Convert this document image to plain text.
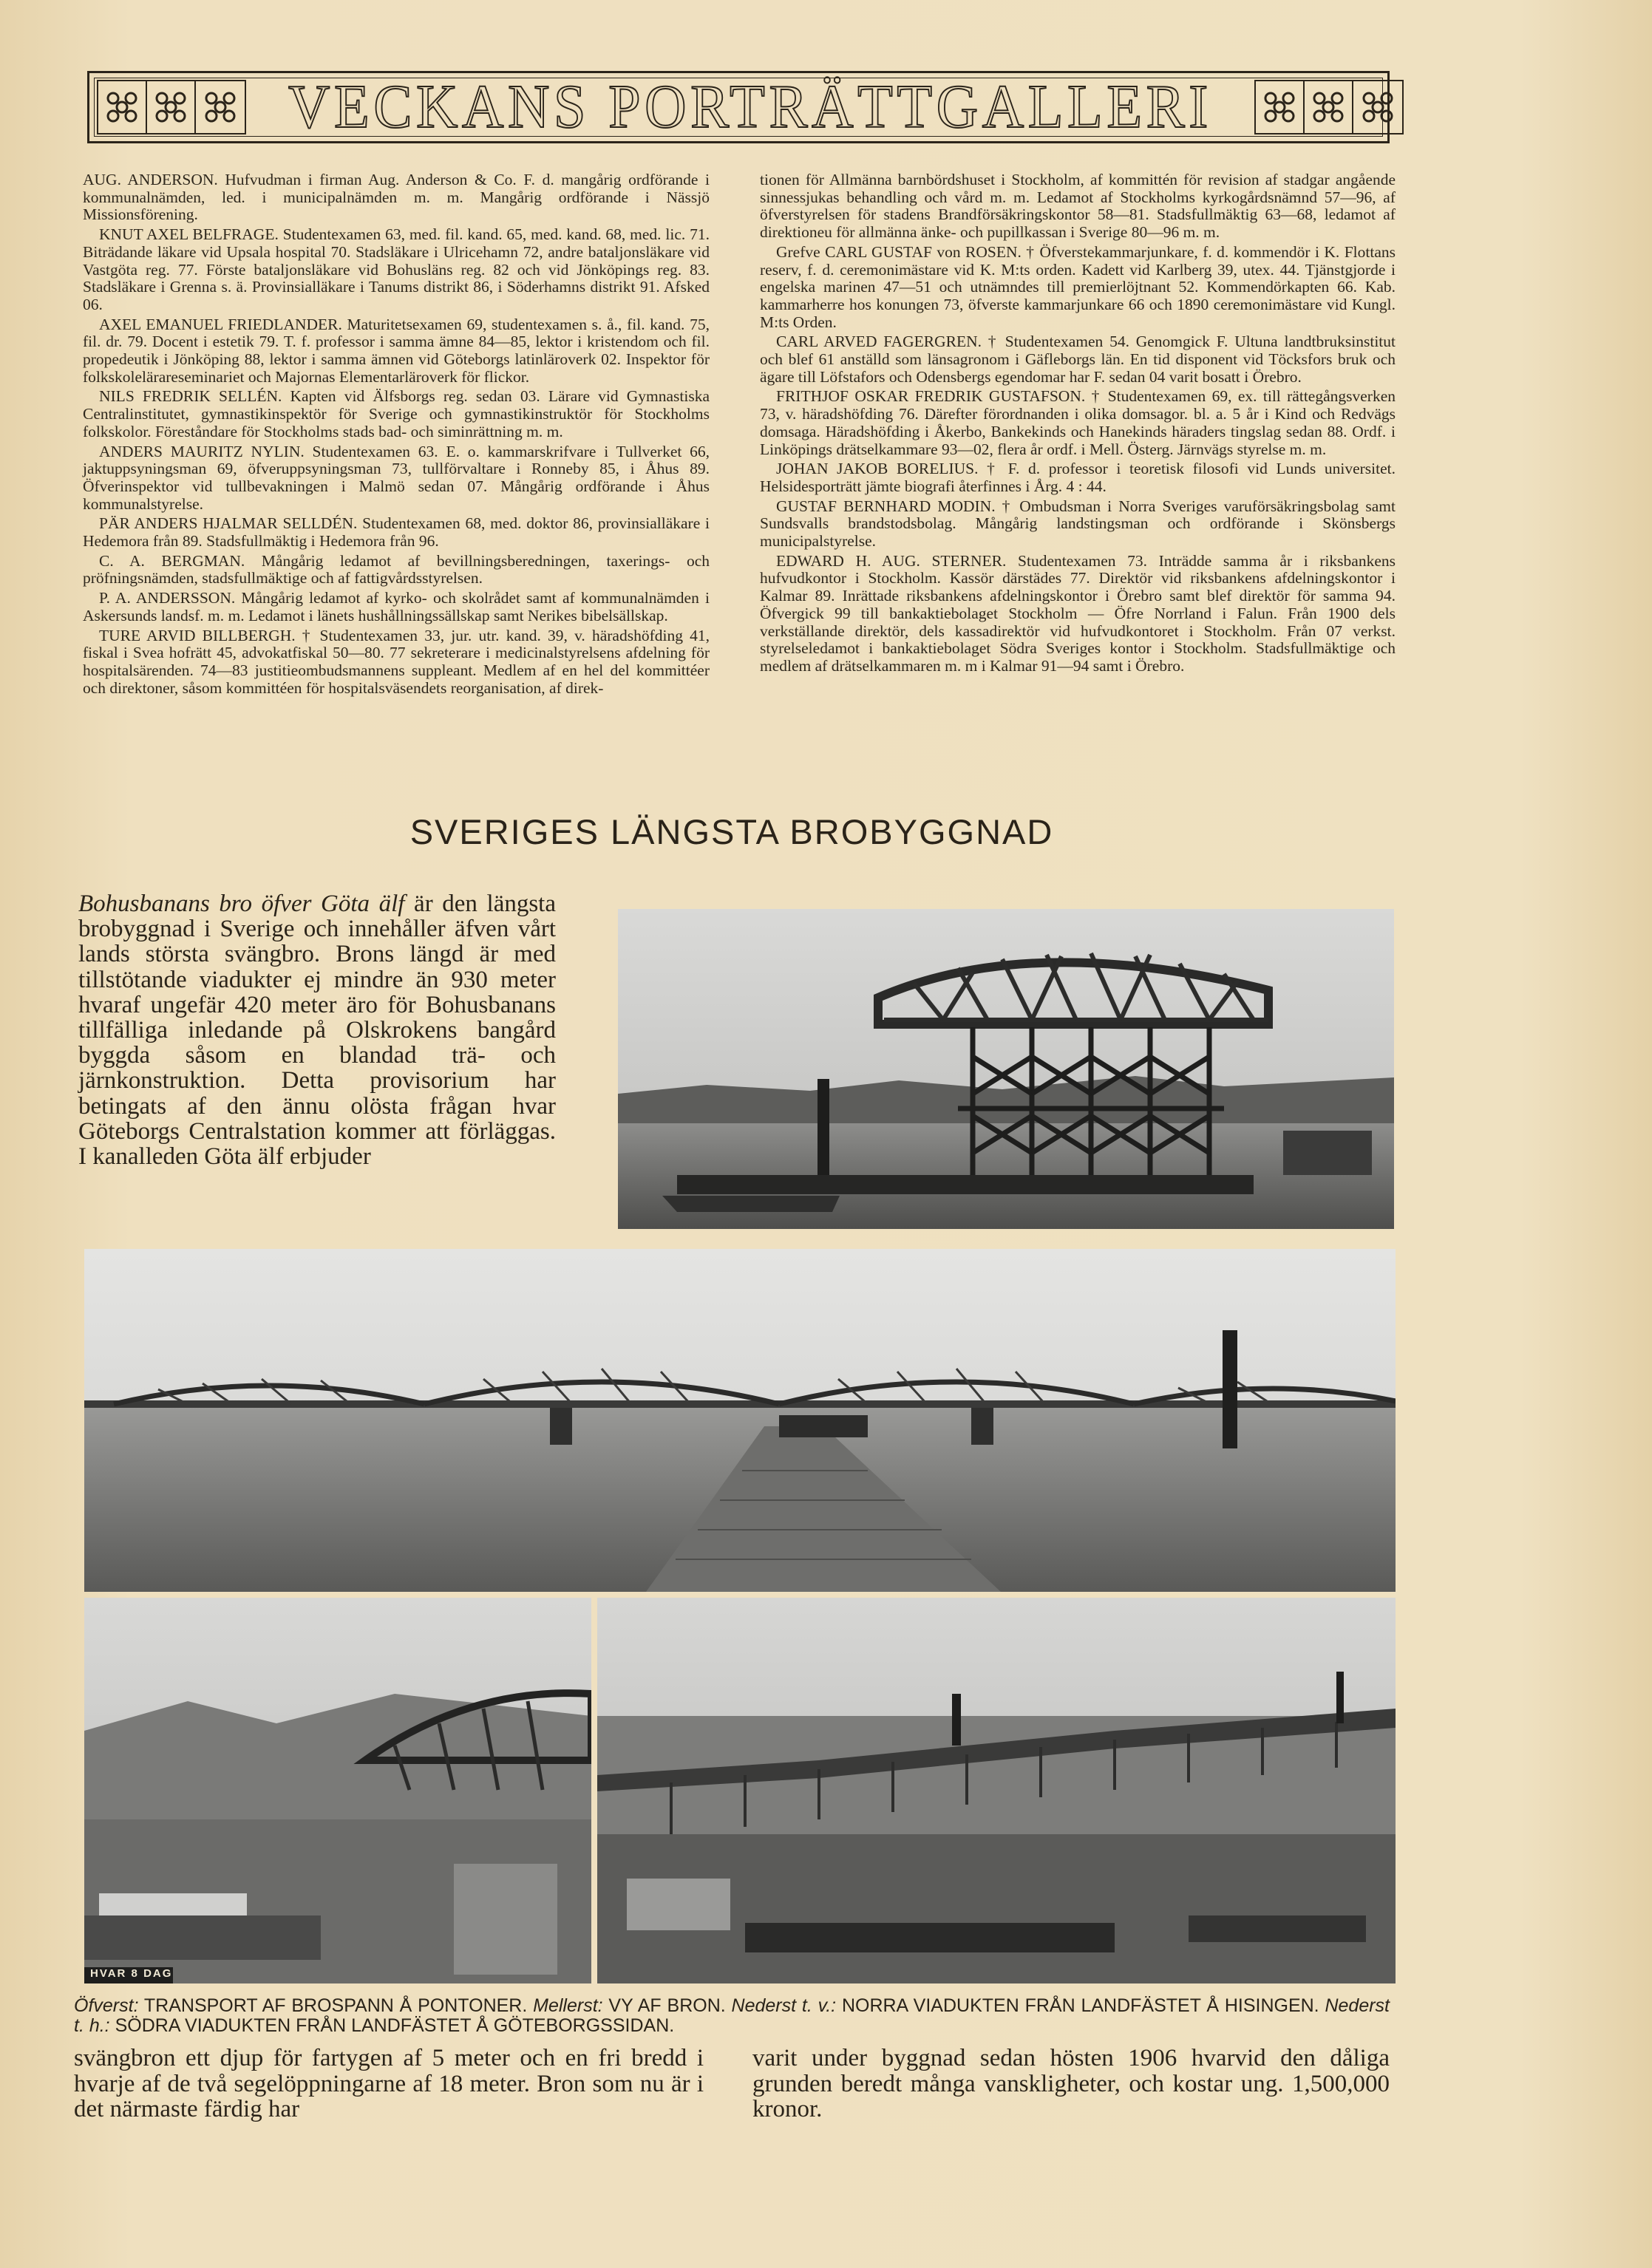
VECKANS PORTRÄTTGALLERI

AUG. ANDERSON. Hufvudman i firman Aug. Anderson & Co. F. d. mangårig ordförande i kommunalnämden, led. i municipalnämden m. m. Mangårig ordförande i Nässjö Missionsförening.

KNUT AXEL BELFRAGE. Studentexamen 63, med. fil. kand. 65, med. kand. 68, med. lic. 71. Biträdande läkare vid Upsala hospital 70. Stadsläkare i Ulricehamn 72, andre bataljonsläkare vid Vastgöta reg. 77. Förste bataljonsläkare vid Bohusläns reg. 82 och vid Jönköpings reg. 83. Stadsläkare i Grenna s. ä. Provinsialläkare i Tanums distrikt 86, i Söderhamns distrikt 91. Afsked 06.

AXEL EMANUEL FRIEDLANDER. Maturitetsexamen 69, studentexamen s. å., fil. kand. 75, fil. dr. 79. Docent i estetik 79. T. f. professor i samma ämne 84—85, lektor i kristendom och fil. propedeutik i Jönköping 88, lektor i samma ämnen vid Göteborgs latinläroverk 02. Inspektor för folkskolelärareseminariet och Majornas Elementarläroverk för flickor.

NILS FREDRIK SELLÉN. Kapten vid Älfsborgs reg. sedan 03. Lärare vid Gymnastiska Centralinstitutet, gymnastikinspektör för Sverige och gymnastikinstruktör för Stockholms folkskolor. Föreståndare för Stockholms stads bad- och siminrättning m. m.

ANDERS MAURITZ NYLIN. Studentexamen 63. E. o. kammarskrifvare i Tullverket 66, jaktuppsyningsman 69, öfveruppsyningsman 73, tullförvaltare i Ronneby 85, i Åhus 89. Öfverinspektor vid tullbevakningen i Malmö sedan 07. Mångårig ordförande i Åhus kommunalstyrelse.

PÄR ANDERS HJALMAR SELLDÉN. Studentexamen 68, med. doktor 86, provinsialläkare i Hedemora från 89. Stadsfullmäktig i Hedemora från 96.

C. A. BERGMAN. Mångårig ledamot af bevillningsberedningen, taxerings- och pröfningsnämden, stadsfullmäktige och af fattigvårdsstyrelsen.

P. A. ANDERSSON. Mångårig ledamot af kyrko- och skolrådet samt af kommunalnämden i Askersunds landsf. m. m. Ledamot i länets hushållningssällskap samt Nerikes bibelsällskap.

TURE ARVID BILLBERGH. † Studentexamen 33, jur. utr. kand. 39, v. häradshöfding 41, fiskal i Svea hofrätt 45, advokatfiskal 50—80. 77 sekreterare i medicinalstyrelsens afdelning för hospitalsärenden. 74—83 justitieombudsmannens suppleant. Medlem af en hel del kommittéer och direktoner, såsom kommittéen för hospitalsväsendets reorganisation, af direk-

tionen för Allmänna barnbördshuset i Stockholm, af kommittén för revision af stadgar angående sinnessjukas behandling och vård m. m. Ledamot af Stockholms kyrkogårdsnämnd 57—96, af öfverstyrelsen för stadens Brandförsäkringskontor 58—81. Stadsfullmäktig 63—68, ledamot af direktioneu för allmänna änke- och pupillkassan i Sverige 80—96 m. m.

Grefve CARL GUSTAF von ROSEN. † Öfverstekammarjunkare, f. d. kommendör i K. Flottans reserv, f. d. ceremonimästare vid K. M:ts orden. Kadett vid Karlberg 39, utex. 44. Tjänstgjorde i engelska marinen 47—51 och utnämndes till premierlöjtnant 52. Kommendörkapten 66. Kab. kammarherre hos konungen 73, öfverste kammarjunkare 66 och 1890 ceremonimästare vid Kungl. M:ts Orden.

CARL ARVED FAGERGREN. † Studentexamen 54. Genomgick F. Ultuna landtbruksinstitut och blef 61 anställd som länsagronom i Gäfleborgs län. En tid disponent vid Töcksfors bruk och ägare till Löfstafors och Odensbergs egendomar har F. sedan 04 varit bosatt i Örebro.

FRITHJOF OSKAR FREDRIK GUSTAFSON. † Studentexamen 69, ex. till rättegångsverken 73, v. häradshöfding 76. Därefter förordnanden i olika domsagor. bl. a. 5 år i Kind och Redvägs domsaga. Häradshöfding i Åkerbo, Bankekinds och Hanekinds häraders tingslag sedan 88. Ordf. i Linköpings drätselkammare 93—02, flera år ordf. i Mell. Österg. Järnvägs styrelse m. m.

JOHAN JAKOB BORELIUS. † F. d. professor i teoretisk filosofi vid Lunds universitet. Helsidesporträtt jämte biografi återfinnes i Årg. 4 : 44.

GUSTAF BERNHARD MODIN. † Ombudsman i Norra Sveriges varuförsäkringsbolag samt Sundsvalls brandstodsbolag. Mångårig landstingsman och ordförande i Skönsbergs municipalstyrelse.

EDWARD H. AUG. STERNER. Studentexamen 73. Inträdde samma år i riksbankens hufvudkontor i Stockholm. Kassör därstädes 77. Direktör vid riksbankens afdelningskontor i Kalmar 89. Inrättade riksbankens afdelningskontor i Örebro samt blef direktör för samma 94. Öfvergick 99 till bankaktiebolaget Stockholm — Öfre Norrland i Falun. Från 1900 dels verkställande direktör, dels kassadirektör vid hufvudkontoret i Stockholm. Från 07 verkst. styrelseledamot i bankaktiebolaget Södra Sveriges kontor i Stockholm. Stadsfullmäktige och medlem af drätselkammaren m. m i Kalmar 91—94 samt i Örebro.

SVERIGES LÄNGSTA BROBYGGNAD
Bohusbanans bro öfver Göta älf är den längsta brobyggnad i Sverige och innehåller äfven vårt lands största svängbro. Brons längd är med tillstötande viadukter ej mindre än 930 meter hvaraf ungefär 420 meter äro för Bohusbanans tillfälliga inledande på Olskrokens bangård byggda såsom en blandad trä- och järnkonstruktion. Detta provisorium har betingats af den ännu olösta frågan hvar Göteborgs Centralstation kommer att förläggas. I kanalleden Göta älf erbjuder
HVAR 8 DAG
Öfverst: TRANSPORT AF BROSPANN Å PONTONER. Mellerst: VY AF BRON. Nederst t. v.: NORRA VIADUKTEN FRÅN LANDFÄSTET Å HISINGEN. Nederst t. h.: SÖDRA VIADUKTEN FRÅN LANDFÄSTET Å GÖTEBORGSSIDAN.
svängbron ett djup för fartygen af 5 meter och en fri bredd i hvarje af de två segelöppningarne af 18 meter. Bron som nu är i det närmaste färdig har
varit under byggnad sedan hösten 1906 hvarvid den dåliga grunden beredt många vanskligheter, och kostar ung. 1,500,000 kronor.
